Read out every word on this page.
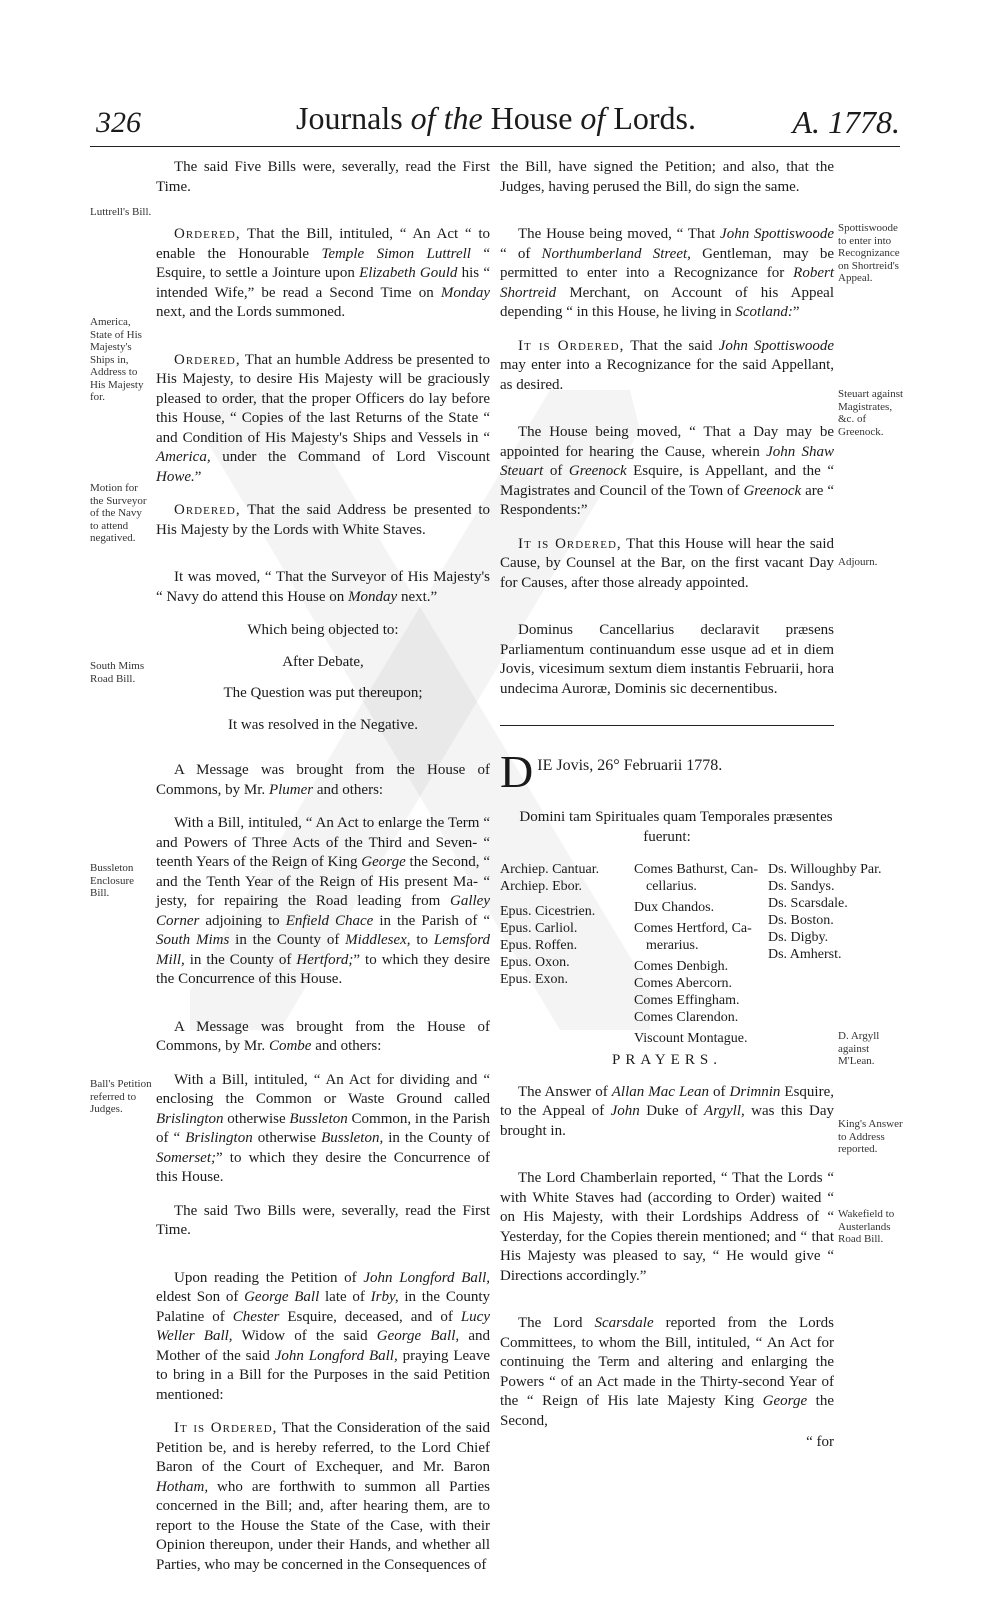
326	Journals of the House of Lords.	A. 1778.
Luttrell's Bill.
America, State of His Majesty's Ships in, Address to His Majesty for.
Motion for the Surveyor of the Navy to attend negatived.
South Mims Road Bill.
Bussleton Enclosure Bill.
Ball's Petition referred to Judges.
Spottiswoode to enter into Recognizance on Shortreid's Appeal.
Steuart against Magistrates, &c. of Greenock.
Adjourn.
D. Argyll against M'Lean.
King's Answer to Address reported.
Wakefield to Austerlands Road Bill.

The said Five Bills were, severally, read the First Time.

Ordered, That the Bill, intituled, “ An Act “ to enable the Honourable Temple Simon Luttrell “ Esquire, to settle a Jointure upon Elizabeth Gould his “ intended Wife,” be read a Second Time on Monday next, and the Lords summoned.

Ordered, That an humble Address be presented to His Majesty, to desire His Majesty will be graciously pleased to order, that the proper Officers do lay before this House, “ Copies of the last Returns of the State “ and Condition of His Majesty's Ships and Vessels in “ America, under the Command of Lord Viscount Howe.”

Ordered, That the said Address be presented to His Majesty by the Lords with White Staves.

It was moved, “ That the Surveyor of His Majesty's “ Navy do attend this House on Monday next.”

Which being objected to:

After Debate,

The Question was put thereupon;

It was resolved in the Negative.

A Message was brought from the House of Commons, by Mr. Plumer and others:

With a Bill, intituled, “ An Act to enlarge the Term “ and Powers of Three Acts of the Third and Seven- “ teenth Years of the Reign of King George the Second, “ and the Tenth Year of the Reign of His present Ma- “ jesty, for repairing the Road leading from Galley Corner adjoining to Enfield Chace in the Parish of “ South Mims in the County of Middlesex, to Lemsford Mill, in the County of Hertford;” to which they desire the Concurrence of this House.

A Message was brought from the House of Commons, by Mr. Combe and others:

With a Bill, intituled, “ An Act for dividing and “ enclosing the Common or Waste Ground called Brislington otherwise Bussleton Common, in the Parish of “ Brislington otherwise Bussleton, in the County of Somerset;” to which they desire the Concurrence of this House.

The said Two Bills were, severally, read the First Time.

Upon reading the Petition of John Longford Ball, eldest Son of George Ball late of Irby, in the County Palatine of Chester Esquire, deceased, and of Lucy Weller Ball, Widow of the said George Ball, and Mother of the said John Longford Ball, praying Leave to bring in a Bill for the Purposes in the said Petition mentioned:

It is Ordered, That the Consideration of the said Petition be, and is hereby referred, to the Lord Chief Baron of the Court of Exchequer, and Mr. Baron Hotham, who are forthwith to summon all Parties concerned in the Bill; and, after hearing them, are to report to the House the State of the Case, with their Opinion thereupon, under their Hands, and whether all Parties, who may be concerned in the Consequences of

the Bill, have signed the Petition; and also, that the Judges, having perused the Bill, do sign the same.

The House being moved, “ That John Spottiswoode “ of Northumberland Street, Gentleman, may be permitted to enter into a Recognizance for Robert Shortreid Merchant, on Account of his Appeal depending “ in this House, he living in Scotland:”

It is Ordered, That the said John Spottiswoode may enter into a Recognizance for the said Appellant, as desired.

The House being moved, “ That a Day may be appointed for hearing the Cause, wherein John Shaw Steuart of Greenock Esquire, is Appellant, and the “ Magistrates and Council of the Town of Greenock are “ Respondents:”

It is Ordered, That this House will hear the said Cause, by Counsel at the Bar, on the first vacant Day for Causes, after those already appointed.

Dominus Cancellarius declaravit præsens Parliamentum continuandum esse usque ad et in diem Jovis, vicesimum sextum diem instantis Februarii, hora undecima Auroræ, Dominis sic decernentibus.

D IE Jovis, 26° Februarii 1778.

Domini tam Spirituales quam Temporales præsentes fuerunt:

Archiep. Cantuar.
Archiep. Ebor.
Epus. Cicestrien.
Epus. Carliol.
Epus. Roffen.
Epus. Oxon.
Epus. Exon.
Comes Bathurst, Can-
cellarius.
Dux Chandos.
Comes Hertford, Ca-
merarius.
Comes Denbigh.
Comes Abercorn.
Comes Effingham.
Comes Clarendon.
Viscount Montague.
Ds. Willoughby Par.
Ds. Sandys.
Ds. Scarsdale.
Ds. Boston.
Ds. Digby.
Ds. Amherst.
PRAYERS.

The Answer of Allan Mac Lean of Drimnin Esquire, to the Appeal of John Duke of Argyll, was this Day brought in.

The Lord Chamberlain reported, “ That the Lords “ with White Staves had (according to Order) waited “ on His Majesty, with their Lordships Address of “ Yesterday, for the Copies therein mentioned; and “ that His Majesty was pleased to say, “ He would give “ Directions accordingly.”

The Lord Scarsdale reported from the Lords Committees, to whom the Bill, intituled, “ An Act for continuing the Term and altering and enlarging the Powers “ of an Act made in the Thirty-second Year of the “ Reign of His late Majesty King George the Second,

“ for
